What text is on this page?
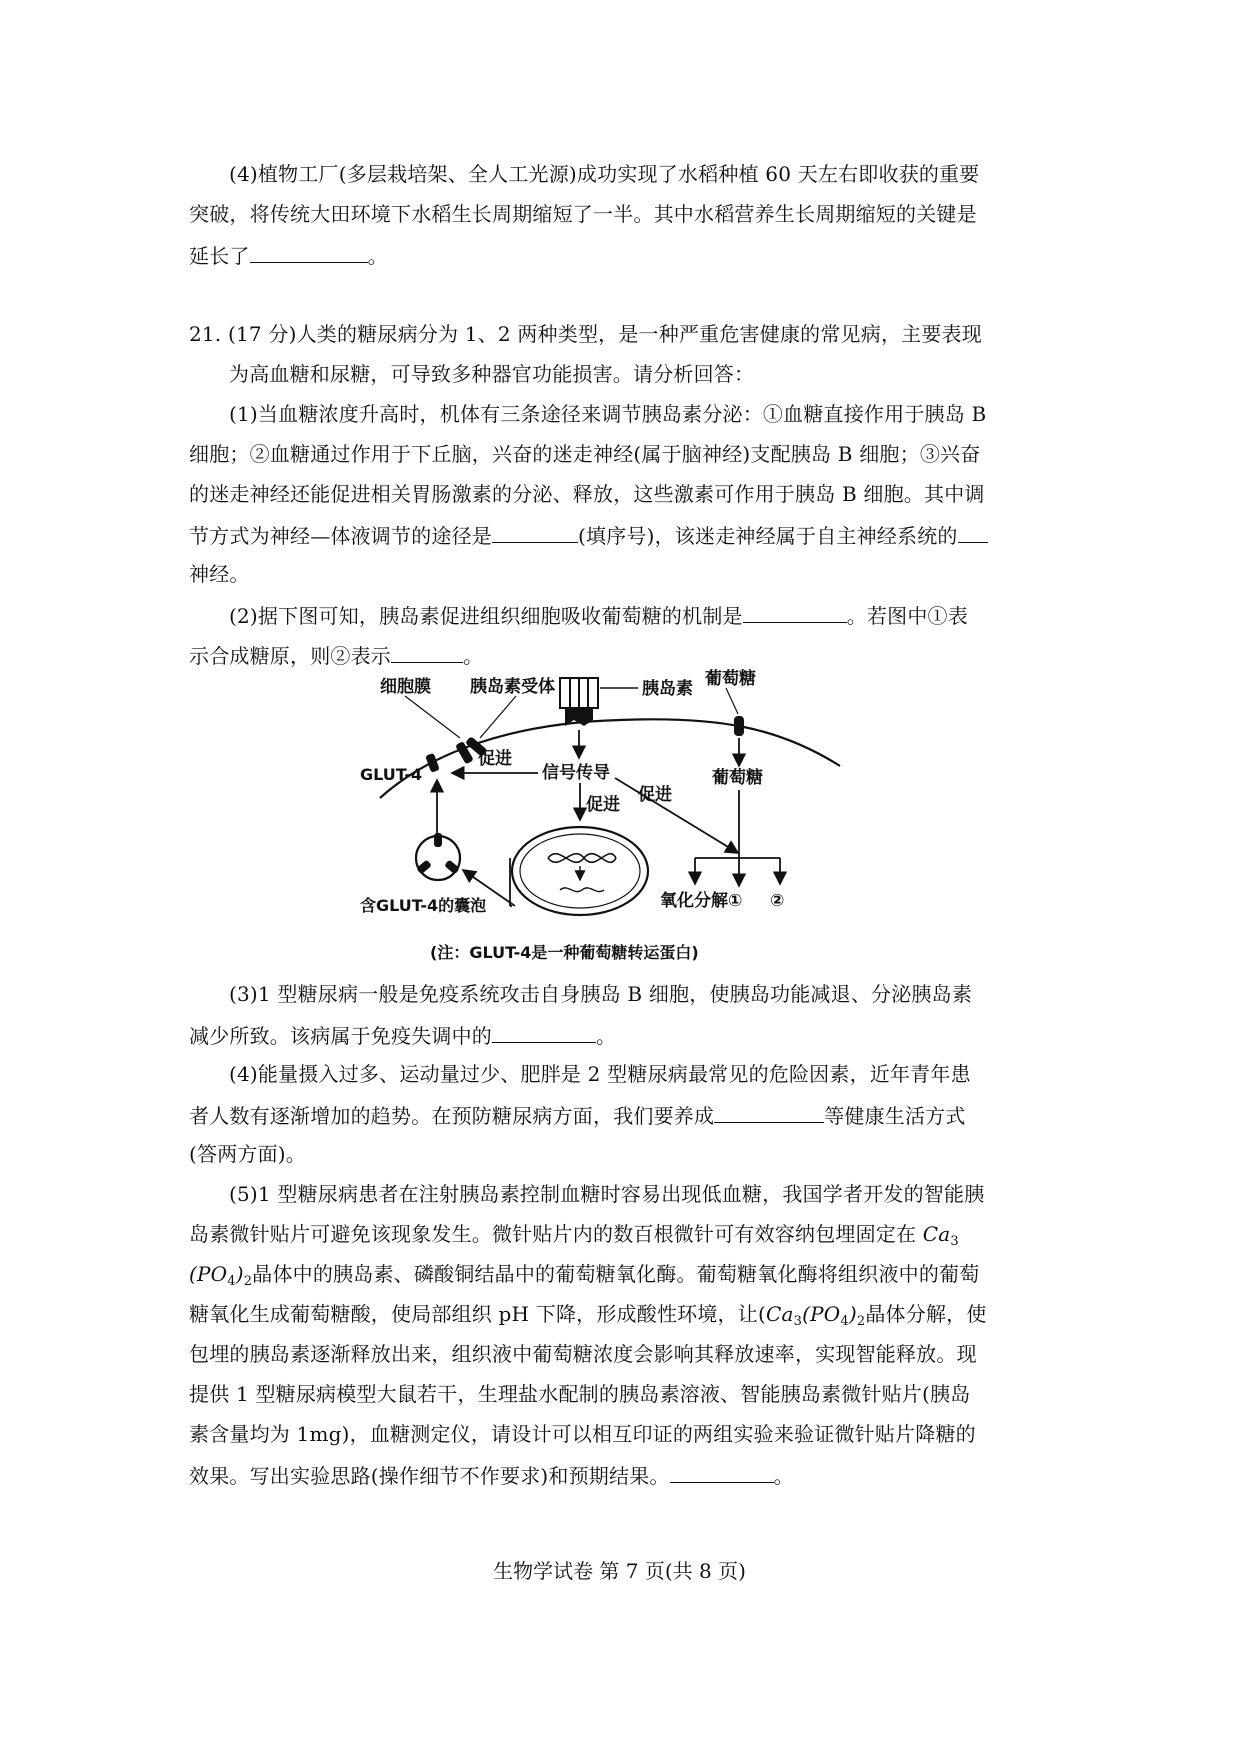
(4)植物工厂(多层栽培架、全人工光源)成功实现了水稻种植 60 天左右即收获的重要
突破，将传统大田环境下水稻生长周期缩短了一半。其中水稻营养生长周期缩短的关键是
延长了	。
21. (17 分)人类的糖尿病分为 1、2 两种类型，是一种严重危害健康的常见病，主要表现
为高血糖和尿糖，可导致多种器官功能损害。请分析回答：
(1)当血糖浓度升高时，机体有三条途径来调节胰岛素分泌：①血糖直接作用于胰岛 B
细胞；②血糖通过作用于下丘脑，兴奋的迷走神经(属于脑神经)支配胰岛 B 细胞；③兴奋
的迷走神经还能促进相关胃肠激素的分泌、释放，这些激素可作用于胰岛 B 细胞。其中调
节方式为神经—体液调节的途径是	(填序号)，该迷走神经属于自主神经系统的
神经。
(2)据下图可知，胰岛素促进组织细胞吸收葡萄糖的机制是	。若图中①表
示合成糖原，则②表示	。
细胞膜 胰岛素受体	胰岛素 葡萄糖
GLUT-4
促进
信号传导
促进
葡萄糖
促进
含GLUT-4的囊泡	氧化分解① ②
(注：GLUT-4是一种葡萄糖转运蛋白)
(3)1 型糖尿病一般是免疫系统攻击自身胰岛 B 细胞，使胰岛功能减退、分泌胰岛素
减少所致。该病属于免疫失调中的	。
(4)能量摄入过多、运动量过少、肥胖是 2 型糖尿病最常见的危险因素，近年青年患
者人数有逐渐增加的趋势。在预防糖尿病方面，我们要养成	等健康生活方式
(答两方面)。
(5)1 型糖尿病患者在注射胰岛素控制血糖时容易出现低血糖，我国学者开发的智能胰
岛素微针贴片可避免该现象发生。微针贴片内的数百根微针可有效容纳包埋固定在 $Ca_3$
$(PO_4)_2$晶体中的胰岛素、磷酸铜结晶中的葡萄糖氧化酶。葡萄糖氧化酶将组织液中的葡萄
糖氧化生成葡萄糖酸，使局部组织 pH 下降，形成酸性环境，让($Ca_3(PO_4)_2$晶体分解，使
包埋的胰岛素逐渐释放出来，组织液中葡萄糖浓度会影响其释放速率，实现智能释放。现
提供 1 型糖尿病模型大鼠若干，生理盐水配制的胰岛素溶液、智能胰岛素微针贴片(胰岛
素含量均为 1mg)，血糖测定仪，请设计可以相互印证的两组实验来验证微针贴片降糖的
效果。写出实验思路(操作细节不作要求)和预期结果。	。
生物学试卷 第 7 页(共 8 页)
